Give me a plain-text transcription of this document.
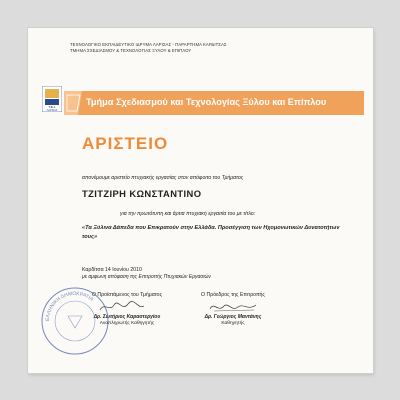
ΤΕΧΝΟΛΟΓΙΚΟ ΕΚΠΑΙΔΕΥΤΙΚΟ ΙΔΡΥΜΑ ΛΑΡΙΣΑΣ - ΠΑΡΑΡΤΗΜΑ ΚΑΡΔΙΤΣΑΣ
ΤΜΗΜΑ ΣΧΕΔΙΑΣΜΟΥ & ΤΕΧΝΟΛΟΓΙΑΣ ΞΥΛΟΥ & ΕΠΙΠΛΟΥ
Τμήμα Σχεδιασμού και Τεχνολογίας Ξύλου και Επίπλου
Τ.Ε.Ι.
ΛΑΡΙΣΑΣ
ΑΡΙΣΤΕΙΟ
απονέμουμε αριστείο πτυχιακής εργασίας στον απόφοιτο του Τμήματος
ΤΖΙΤΖΙΡΗ ΚΩΝΣΤΑΝΤΙΝΟ
για την πρωτότυπη και άρτια πτυχιακή εργασία του με τίτλο:
«Τα Ξύλινα Δάπεδα που Επικρατούν στην Ελλάδα. Προσέγγιση των Ηχομονωτικών Δυνατοτήτων τους»
Καρδίτσα 14 Ιουνίου 2010
με αμφωνη απόφαση της Επιτροπής Πτυχιακών Εργασιών
Ο Προϊστάμενος του Τμήματος
Δρ. Σωτήριος Καραστεργίου
Αναπληρωτής Καθηγητής
Ο Πρόεδρος της Επιτροπής
Δρ. Γεώργιος Μαντάνης
Καθηγητής
ΕΛΛΗΝΙΚΗ ΔΗΜΟΚΡΑΤΙΑ
